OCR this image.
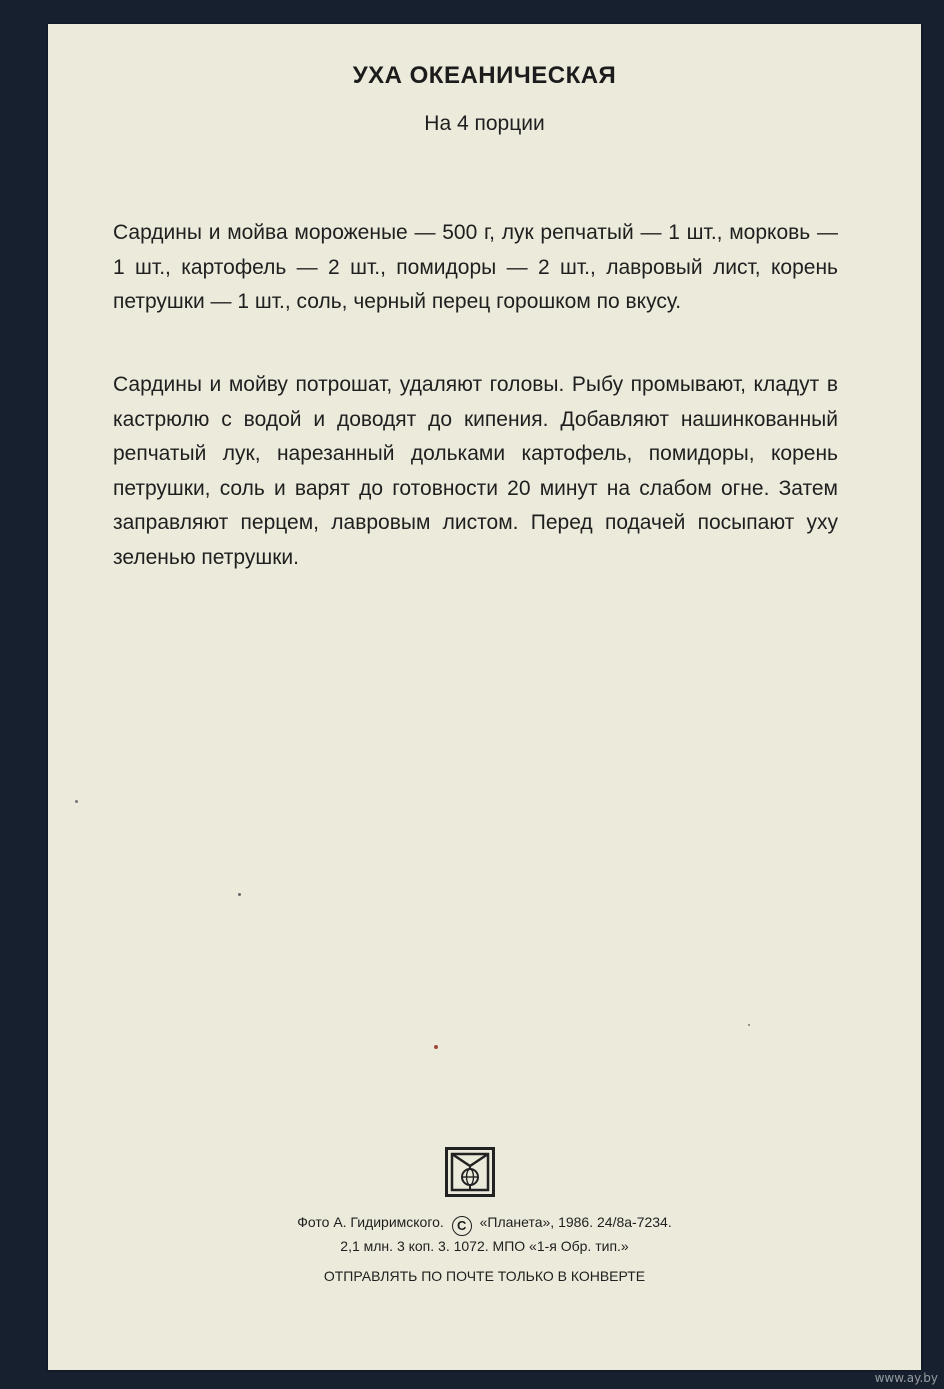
УХА ОКЕАНИЧЕСКАЯ
На 4 порции

Сардины и мойва мороженые — 500 г, лук репчатый — 1 шт., морковь — 1 шт., картофель — 2 шт., помидоры — 2 шт., лавровый лист, корень петрушки — 1 шт., соль, черный перец горошком по вкусу.

Сардины и мойву потрошат, удаляют головы. Рыбу промывают, кладут в кастрюлю с водой и доводят до кипения. Добавляют нашинкованный репчатый лук, нарезанный дольками картофель, помидоры, корень петрушки, соль и варят до готовности 20 минут на слабом огне. Затем заправляют перцем, лавровым листом. Перед подачей посыпают уху зеленью петрушки.

Фото А. Гидиримского. С «Планета», 1986. 24/8а-7234.
2,1 млн. 3 коп. 3. 1072. МПО «1-я Обр. тип.»
ОТПРАВЛЯТЬ ПО ПОЧТЕ ТОЛЬКО В КОНВЕРТЕ
www.ay.by
